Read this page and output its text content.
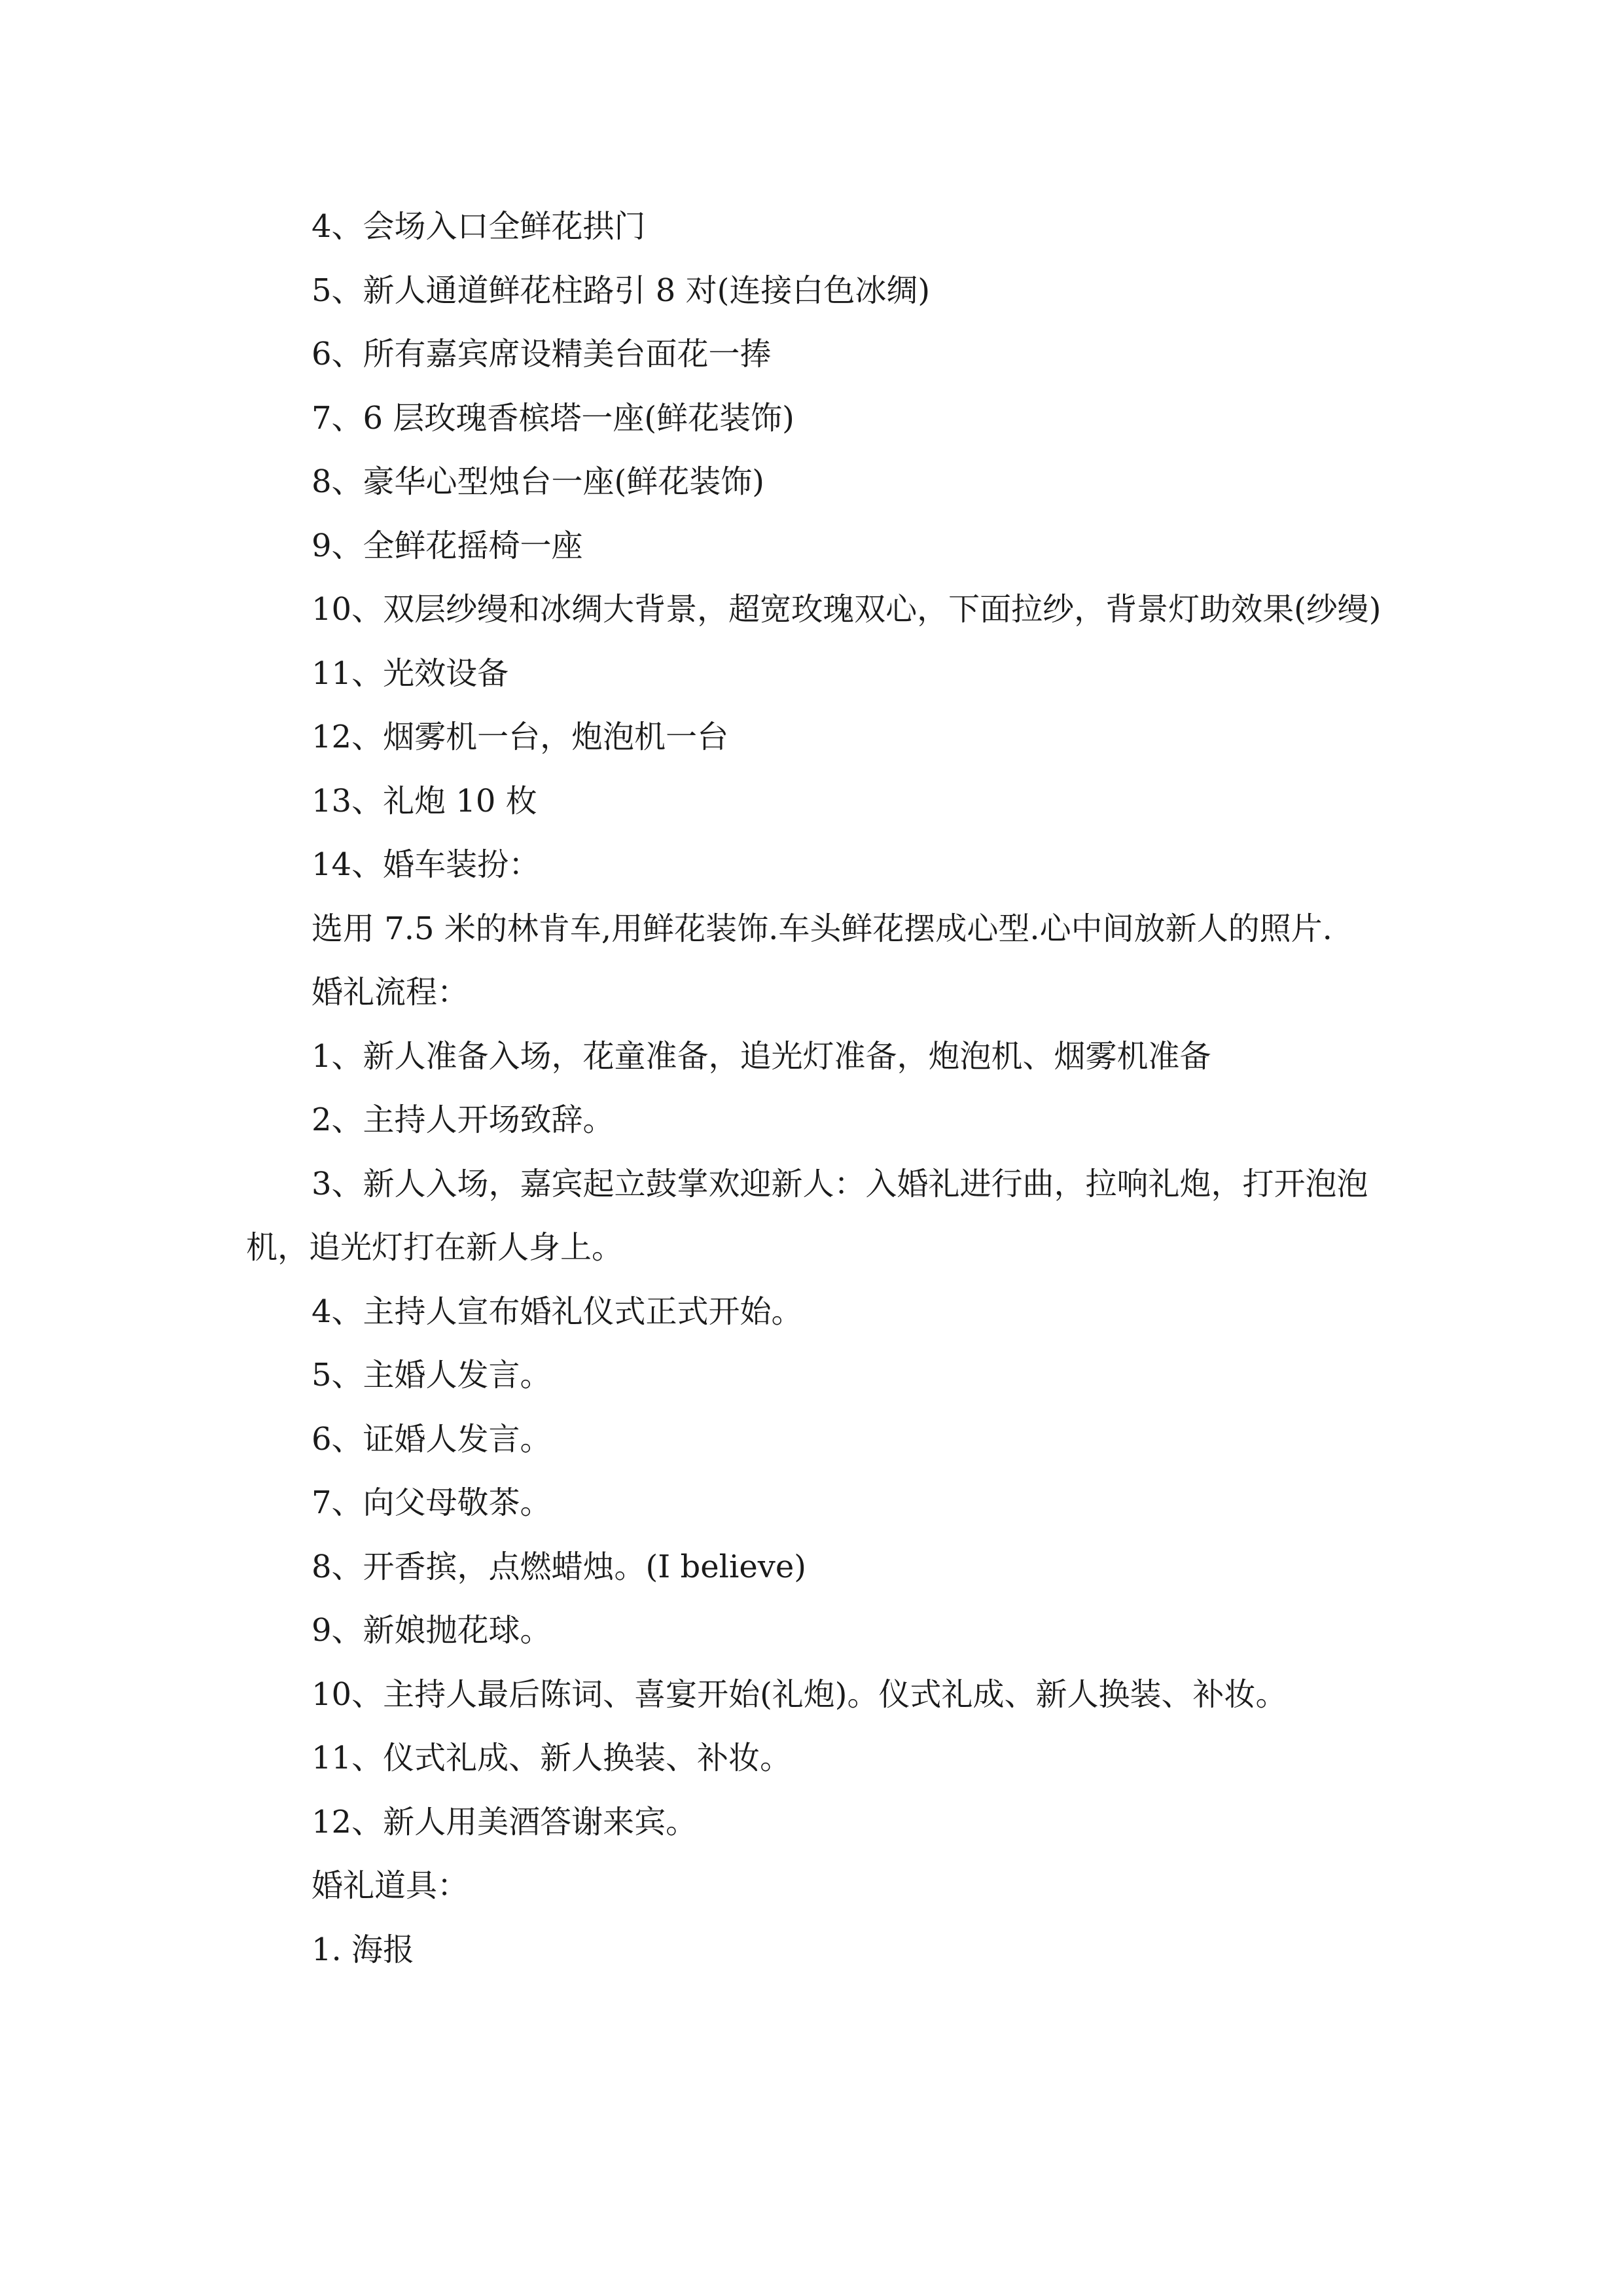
4、会场入口全鲜花拱门

5、新人通道鲜花柱路引 8 对(连接白色冰绸)

6、所有嘉宾席设精美台面花一捧

7、6 层玫瑰香槟塔一座(鲜花装饰)

8、豪华心型烛台一座(鲜花装饰)

9、全鲜花摇椅一座

10、双层纱缦和冰绸大背景，超宽玫瑰双心，下面拉纱，背景灯助效果(纱缦)

11、光效设备

12、烟雾机一台，炮泡机一台

13、礼炮 10 枚

14、婚车装扮：

选用 7.5 米的林肯车,用鲜花装饰.车头鲜花摆成心型.心中间放新人的照片.

婚礼流程：

1、新人准备入场，花童准备，追光灯准备，炮泡机、烟雾机准备

2、主持人开场致辞。

3、新人入场，嘉宾起立鼓掌欢迎新人：入婚礼进行曲，拉响礼炮，打开泡泡机，追光灯打在新人身上。

4、主持人宣布婚礼仪式正式开始。

5、主婚人发言。

6、证婚人发言。

7、向父母敬茶。

8、开香摈，点燃蜡烛。(I believe)

9、新娘抛花球。

10、主持人最后陈词、喜宴开始(礼炮)。仪式礼成、新人换装、补妆。

11、仪式礼成、新人换装、补妆。

12、新人用美酒答谢来宾。

婚礼道具：

1. 海报
